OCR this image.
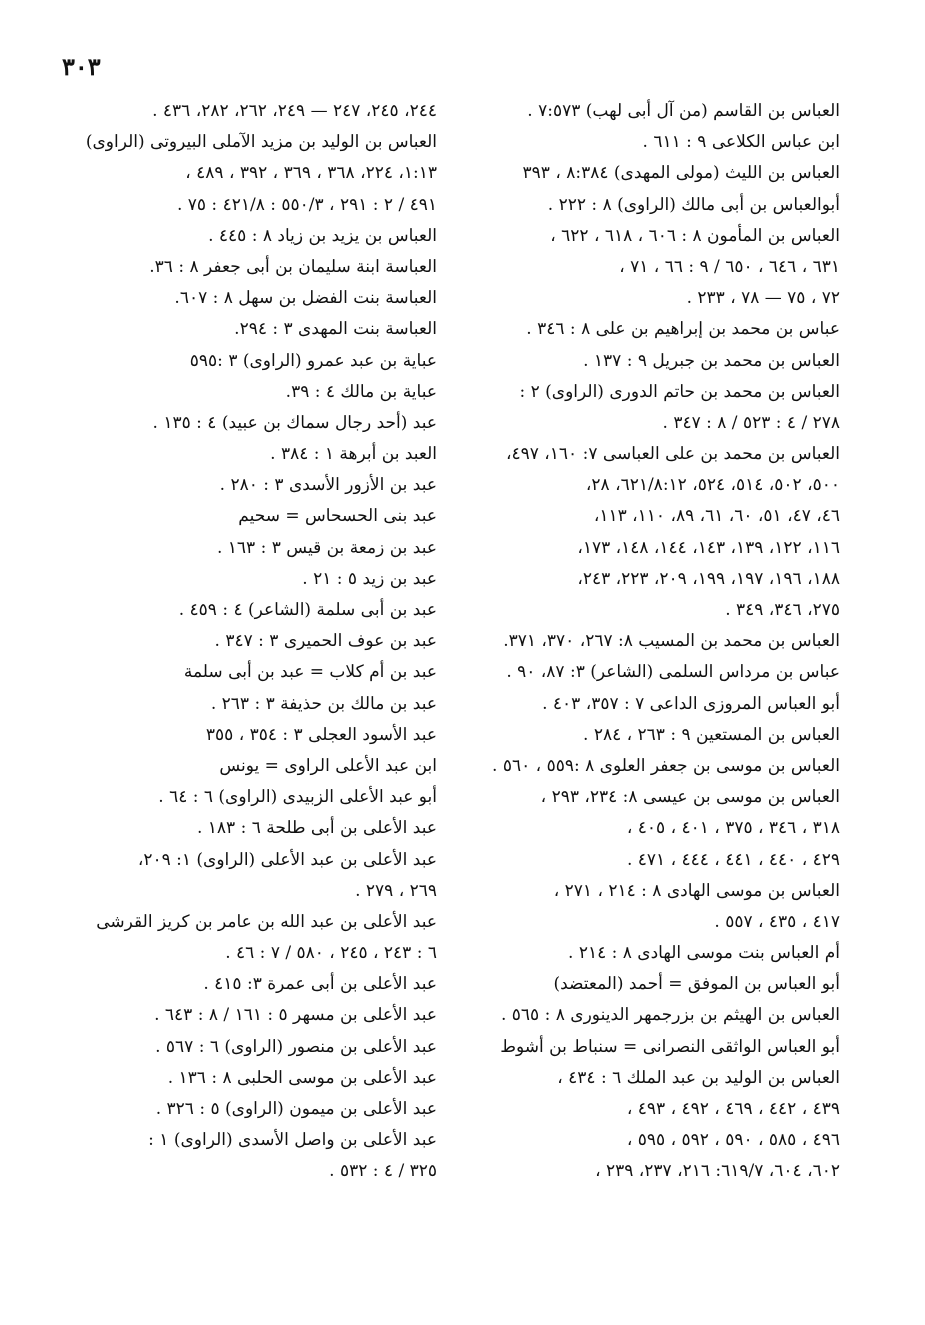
٣٠٣
العباس بن القاسم (من آل أبى لهب) ٧:٥٧٣ .
ابن عباس الكلاعى ٩ : ٦١١ .
العباس بن الليث (مولى المهدى) ٨:٣٨٤ ، ٣٩٣
أبوالعباس بن أبى مالك (الراوى) ٨ : ٢٢٢ .
العباس بن المأمون ٨ : ٦٠٦ ، ٦١٨ ، ٦٢٢ ،
٦٣١ ، ٦٤٦ ، ٦٥٠ / ٩ : ٦٦ ، ٧١ ،
٧٢ ، ٧٥ — ٧٨ ، ٢٣٣ .
عباس بن محمد بن إبراهيم بن على ٨ : ٣٤٦ .
العباس بن محمد بن جبريل ٩ : ١٣٧ .
العباس بن محمد بن حاتم الدورى (الراوى) ٢ :
٢٧٨ / ٤ : ٥٢٣ / ٨ : ٣٤٧ .
العباس بن محمد بن على العباسى ٧: ١٦٠، ٤٩٧،
٥٠٠، ٥٠٢، ٥١٤، ٥٢٤، ٦٢١/٨:١٢، ٢٨،
٤٦، ٤٧، ٥١، ٦٠، ٦١، ٨٩، ١١٠، ١١٣،
١١٦، ١٢٢، ١٣٩، ١٤٣، ١٤٤، ١٤٨، ١٧٣،
١٨٨، ١٩٦، ١٩٧، ١٩٩، ٢٠٩، ٢٢٣، ٢٤٣،
٢٧٥، ٣٤٦، ٣٤٩ .
العباس بن محمد بن المسيب ٨: ٢٦٧، ٣٧٠، ٣٧١.
عباس بن مرداس السلمى (الشاعر) ٣: ٨٧، ٩٠ .
أبو العباس المروزى الداعى ٧ : ٣٥٧، ٤٠٣ .
العباس بن المستعين ٩ : ٢٦٣ ، ٢٨٤ .
العباس بن موسى بن جعفر العلوى ٨ :٥٥٩ ، ٥٦٠ .
العباس بن موسى بن عيسى ٨: ٢٣٤، ٢٩٣ ،
٣١٨ ، ٣٤٦ ، ٣٧٥ ، ٤٠١ ، ٤٠٥ ،
٤٢٩ ، ٤٤٠ ، ٤٤١ ، ٤٤٤ ، ٤٧١ .
العباس بن موسى الهادى ٨ : ٢١٤ ، ٢٧١ ،
٤١٧ ، ٤٣٥ ، ٥٥٧ .
أم العباس بنت موسى الهادى ٨ : ٢١٤ .
أبو العباس بن الموفق = أحمد (المعتضد)
العباس بن الهيثم بن بزرجمهر الدينورى ٨ : ٥٦٥ .
أبو العباس الواثقى النصرانى = سنباط بن أشوط
العباس بن الوليد بن عبد الملك ٦ : ٤٣٤ ،
٤٣٩ ، ٤٤٢ ، ٤٦٩ ، ٤٩٢ ، ٤٩٣ ،
٤٩٦ ، ٥٨٥ ، ٥٩٠ ، ٥٩٢ ، ٥٩٥ ،
٦٠٢، ٦٠٤، ٦١٩/٧: ٢١٦، ٢٣٧، ٢٣٩ ،
٢٤٤، ٢٤٥، ٢٤٧ — ٢٤٩، ٢٦٢، ٢٨٢، ٤٣٦ .
العباس بن الوليد بن مزيد الآملى البيروتى (الراوى)
١:١٣، ٢٢٤، ٣٦٨ ، ٣٦٩ ، ٣٩٢ ، ٤٨٩ ،
٤٩١ / ٢ : ٢٩١ ، ٥٥٠/٣ : ٤٢١/٨ : ٧٥ .
العباس بن يزيد بن زياد ٨ : ٤٤٥ .
العباسة ابنة سليمان بن أبى جعفر ٨ : ٣٦.
العباسة بنت الفضل بن سهل ٨ : ٦٠٧.
العباسة بنت المهدى ٣ : ٢٩٤.
عباية بن عبد عمرو (الراوى) ٣ :٥٩٥
عباية بن مالك ٤ : ٣٩.
عبد (أحد رجال سماك بن عبيد) ٤ : ١٣٥ .
العبد بن أبرهة ١ : ٣٨٤ .
عبد بن الأزور الأسدى ٣ : ٢٨٠ .
عبد بنى الحسحاس = سحيم
عبد بن زمعة بن قيس ٣ : ١٦٣ .
عبد بن زيد ٥ : ٢١ .
عبد بن أبى سلمة (الشاعر) ٤ : ٤٥٩ .
عبد بن عوف الحميرى ٣ : ٣٤٧ .
عبد بن أم كلاب = عبد بن أبى سلمة
عبد بن مالك بن حذيفة ٣ : ٢٦٣ .
عبد الأسود العجلى ٣ : ٣٥٤ ، ٣٥٥
ابن عبد الأعلى الراوى = يونس
أبو عبد الأعلى الزبيدى (الراوى) ٦ : ٦٤ .
عبد الأعلى بن أبى طلحة ٦ : ١٨٣ .
عبد الأعلى بن عبد الأعلى (الراوى) ١: ٢٠٩،
٢٦٩ ، ٢٧٩ .
عبد الأعلى بن عبد الله بن عامر بن كريز القرشى
٦ : ٢٤٣ ، ٢٤٥ ، ٥٨٠ / ٧ : ٤٦ .
عبد الأعلى بن أبى عمرة ٣: ٤١٥ .
عبد الأعلى بن مسهر ٥ : ١٦١ / ٨ : ٦٤٣ .
عبد الأعلى بن منصور (الراوى) ٦ : ٥٦٧ .
عبد الأعلى بن موسى الحلبى ٨ : ١٣٦ .
عبد الأعلى بن ميمون (الراوى) ٥ : ٣٢٦ .
عبد الأعلى بن واصل الأسدى (الراوى) ١ :
٣٢٥ / ٤ : ٥٣٢ .
